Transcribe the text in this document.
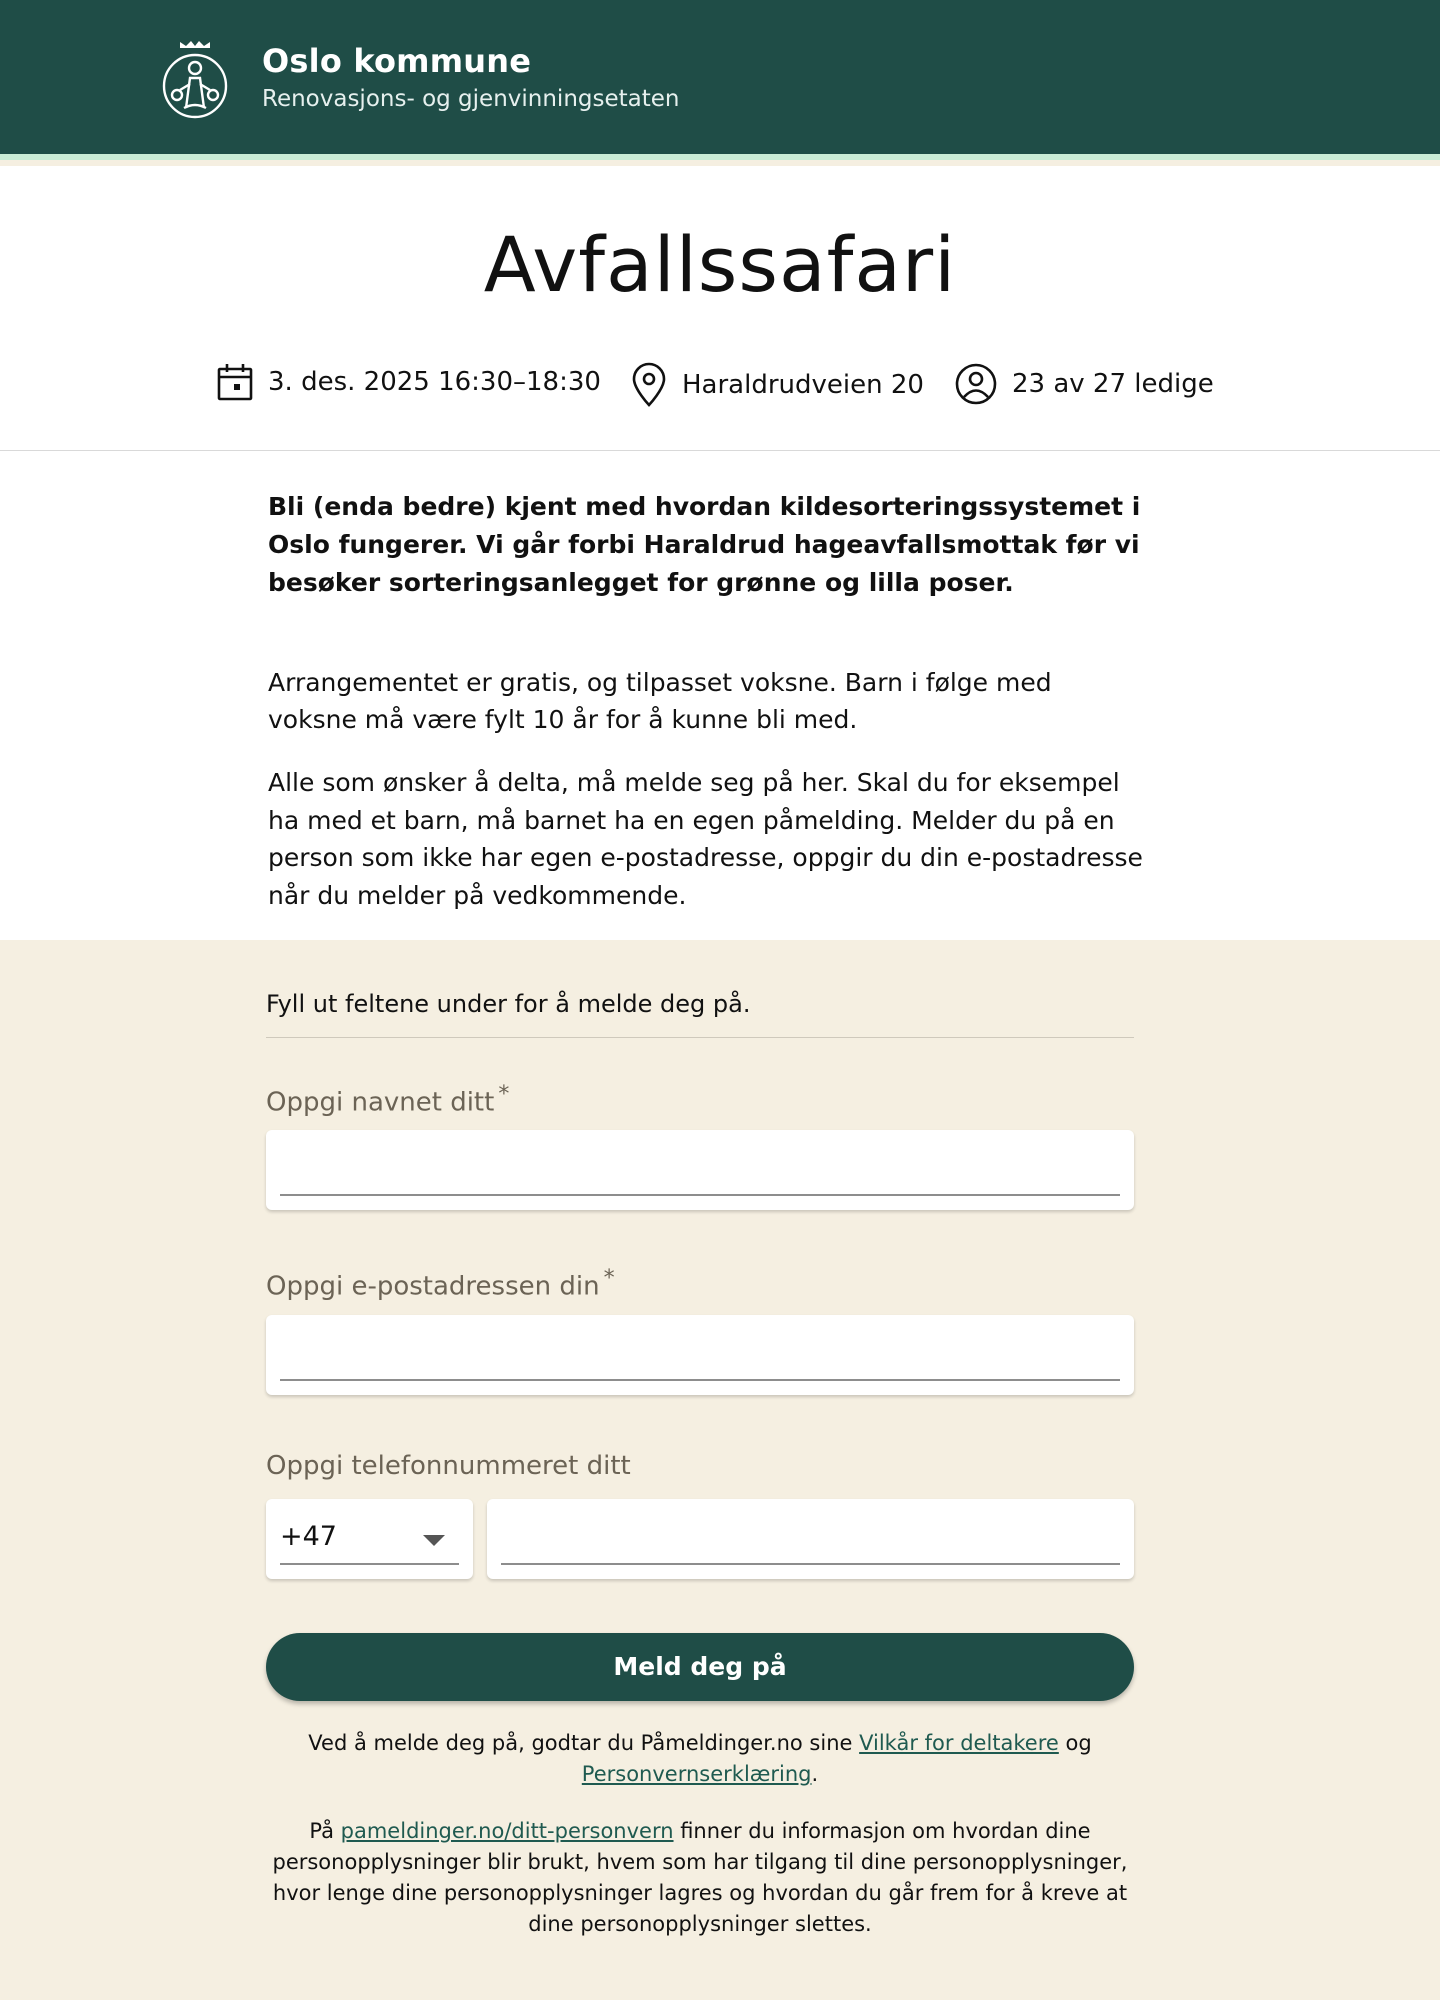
Oslo kommune
Renovasjons- og gjenvinningsetaten
Avfallssafari
3. des. 2025 16:30–18:30	Haraldrudveien 20	23 av 27 ledige

Bli (enda bedre) kjent med hvordan kildesorteringssystemet i Oslo fungerer. Vi går forbi Haraldrud hageavfallsmottak før vi besøker sorteringsanlegget for grønne og lilla poser.

Arrangementet er gratis, og tilpasset voksne. Barn i følge med voksne må være fylt 10 år for å kunne bli med.

Alle som ønsker å delta, må melde seg på her. Skal du for eksempel ha med et barn, må barnet ha en egen påmelding. Melder du på en person som ikke har egen e-postadresse, oppgir du din e-postadresse når du melder på vedkommende.

Fyll ut feltene under for å melde deg på.
Oppgi navnet ditt *
Oppgi e-postadressen din *
Oppgi telefonnummeret ditt
+47
Meld deg på

Ved å melde deg på, godtar du Påmeldinger.no sine Vilkår for deltakere og
Personvernserklæring.

På pameldinger.no/ditt-personvern finner du informasjon om hvordan dine personopplysninger blir brukt, hvem som har tilgang til dine personopplysninger, hvor lenge dine personopplysninger lagres og hvordan du går frem for å kreve at dine personopplysninger slettes.
